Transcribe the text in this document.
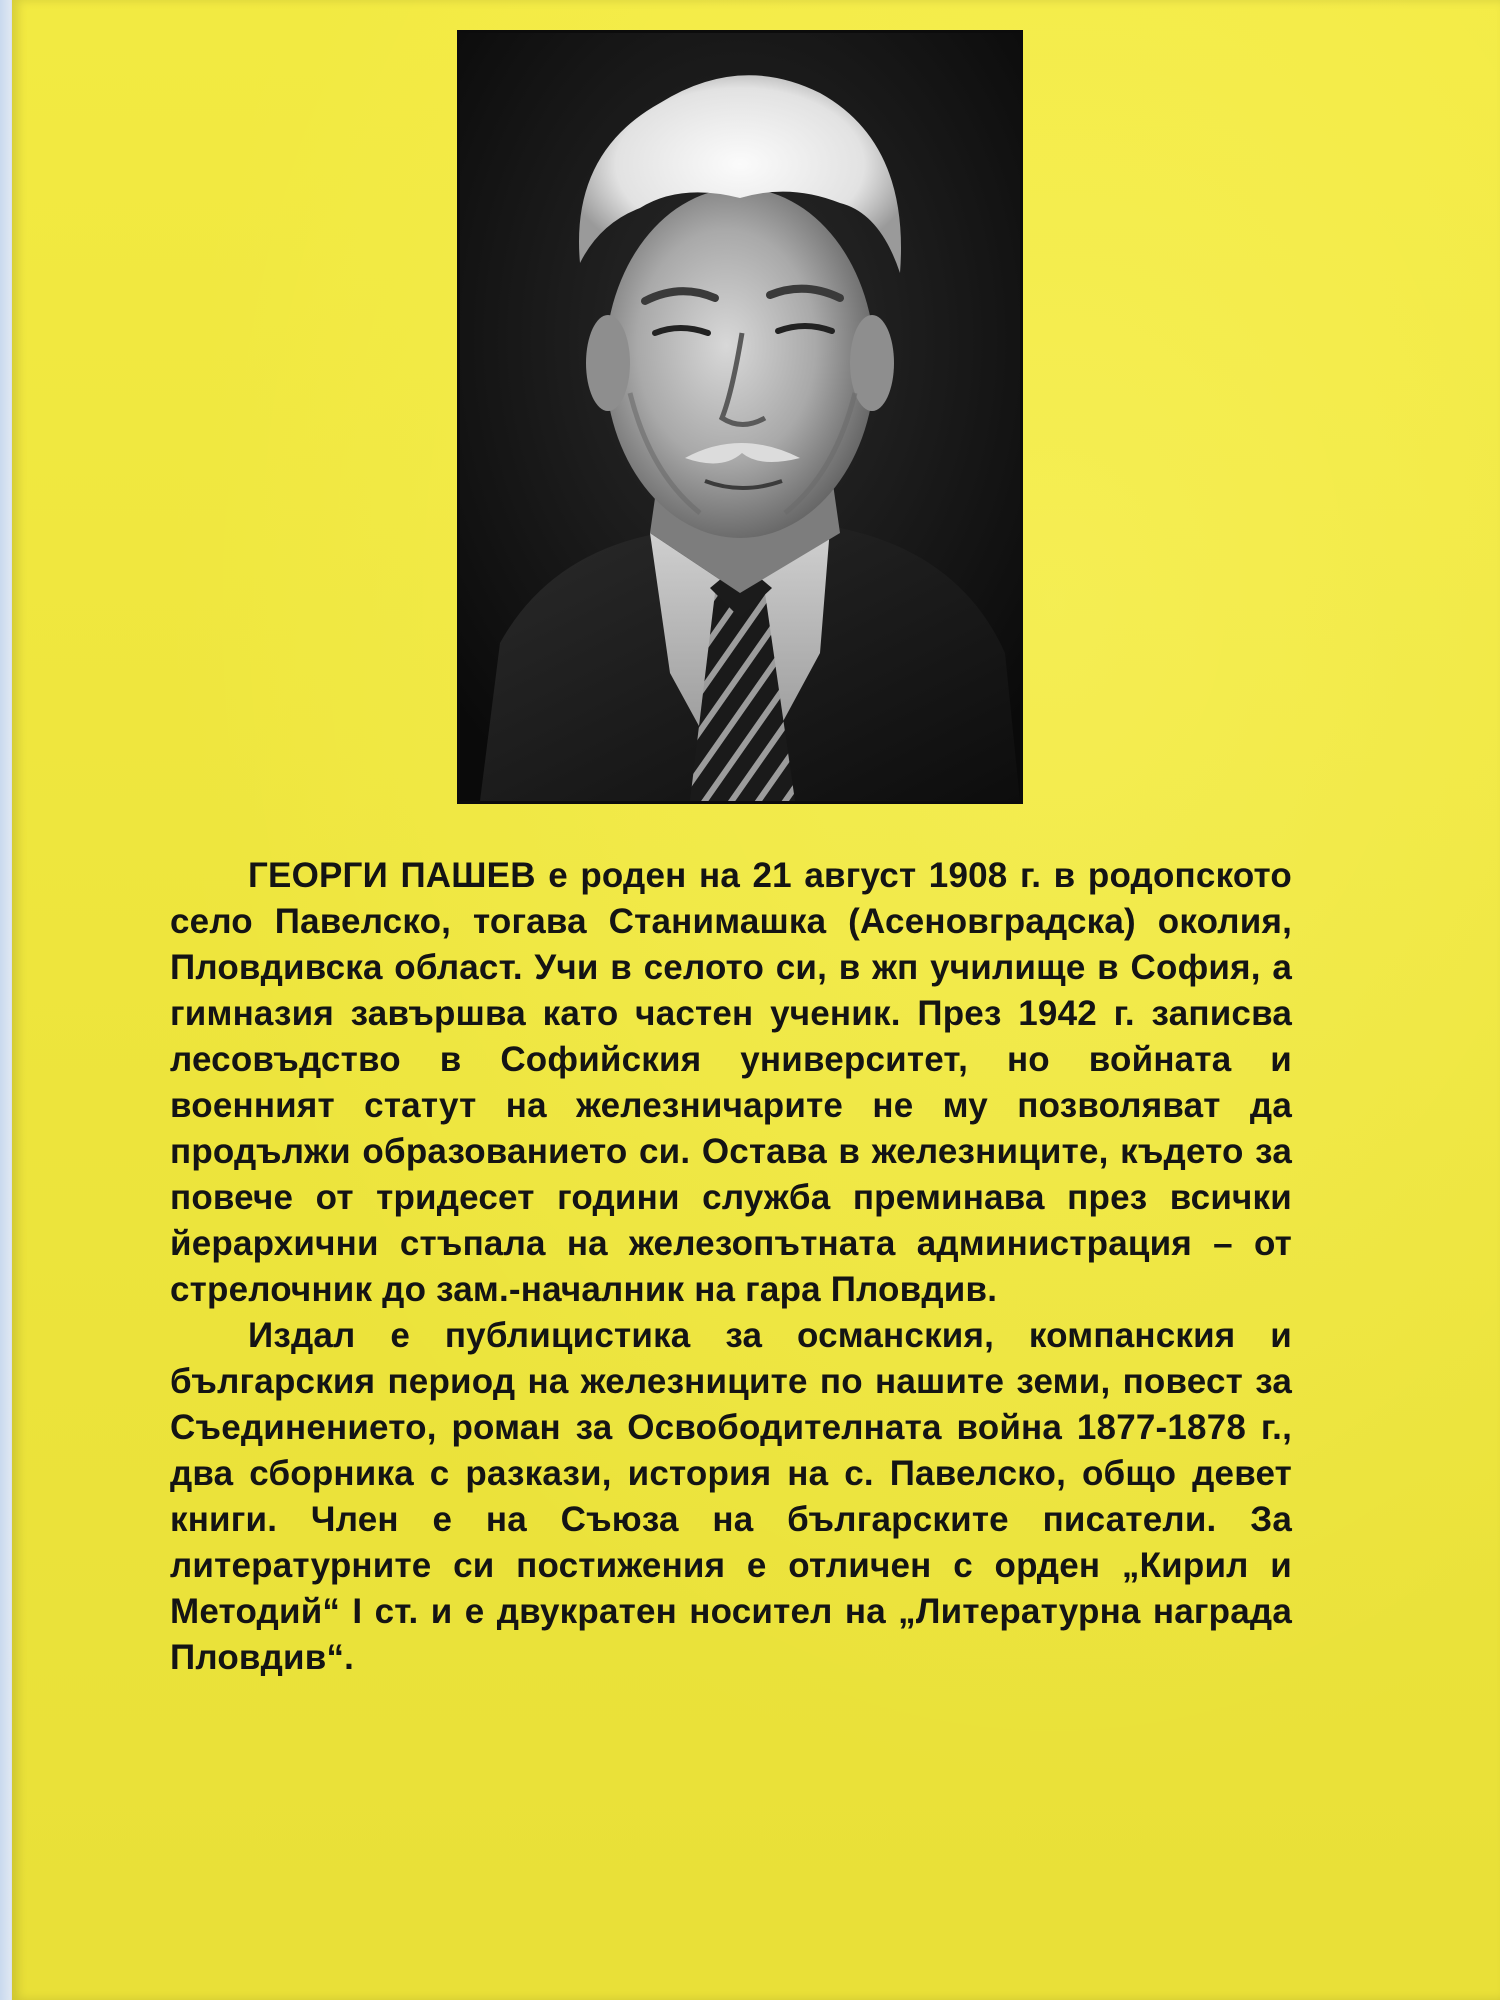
ГЕОРГИ ПАШЕВ е роден на 21 август 1908 г. в родопското село Павелско, тогава Станимашка (Асеновградска) околия, Пловдивска област. Учи в селото си, в жп училище в София, а гимназия завършва като частен ученик. През 1942 г. записва лесовъдство в Софийския университет, но войната и военният статут на железничарите не му позволяват да продължи образованието си. Остава в железниците, където за повече от тридесет години служба преминава през всички йерархични стъпала на железопътната администрация – от стрелочник до зам.-началник на гара Пловдив.

Издал е публицистика за османския, компанския и българския период на железниците по нашите земи, повест за Съединението, роман за Освободителната война 1877-1878 г., два сборника с разкази, история на с. Павелско, общо девет книги. Член е на Съюза на българските писатели. За литературните си постижения е отличен с орден „Кирил и Методий“ I ст. и е двукратен носител на „Литературна награда Пловдив“.
